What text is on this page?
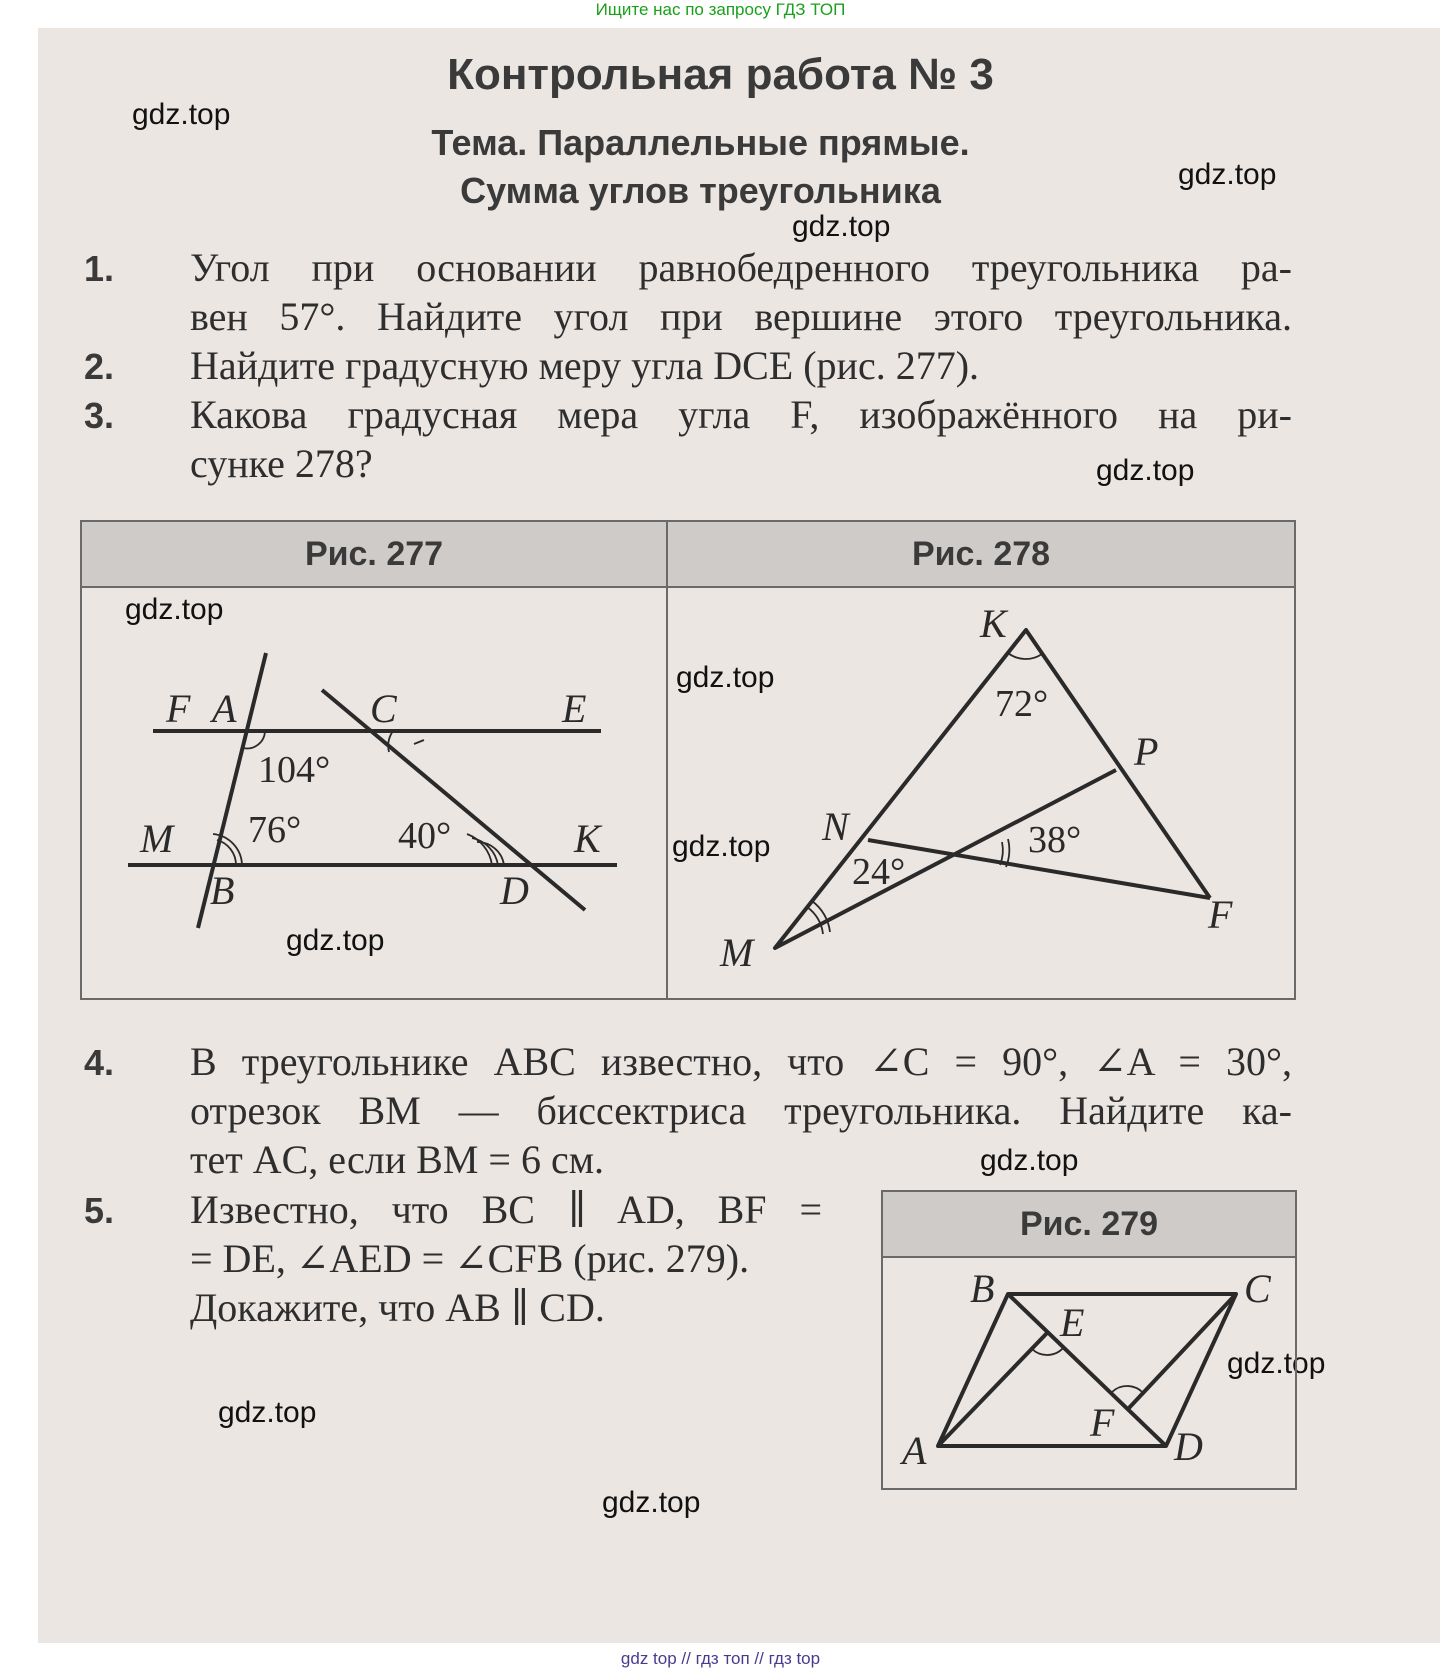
Ищите нас по запросу ГДЗ ТОП
Контрольная работа № 3
Тема. Параллельные прямые.
Сумма углов треугольника
gdz.top
gdz.top
gdz.top
gdz.top
gdz.top
gdz.top
gdz.top
gdz.top
gdz.top
gdz.top
gdz.top
gdz.top
1. Угол при основании равнобедренного треугольника ра-
вен 57°. Найдите угол при вершине этого треугольника.
2. Найдите градусную меру угла DCE (рис. 277).
3. Какова градусная мера угла F, изображённого на ри-
сунке 278?
Рис. 277	Рис. 278
F A	C	E
M
B	D
K
104°
76°	40°
K
P
N
F
M
72°
38°
24°
4. В треугольнике ABC известно, что ∠C = 90°, ∠A = 30°,
отрезок BM — биссектриса треугольника. Найдите ка-
тет AC, если BM = 6 см.
5. Известно, что BC ∥ AD, BF =
= DE, ∠AED = ∠CFB (рис. 279).
Докажите, что AB ∥ CD.
Рис. 279
B	C
E
F
A	D
gdz top // гдз топ // гдз top
